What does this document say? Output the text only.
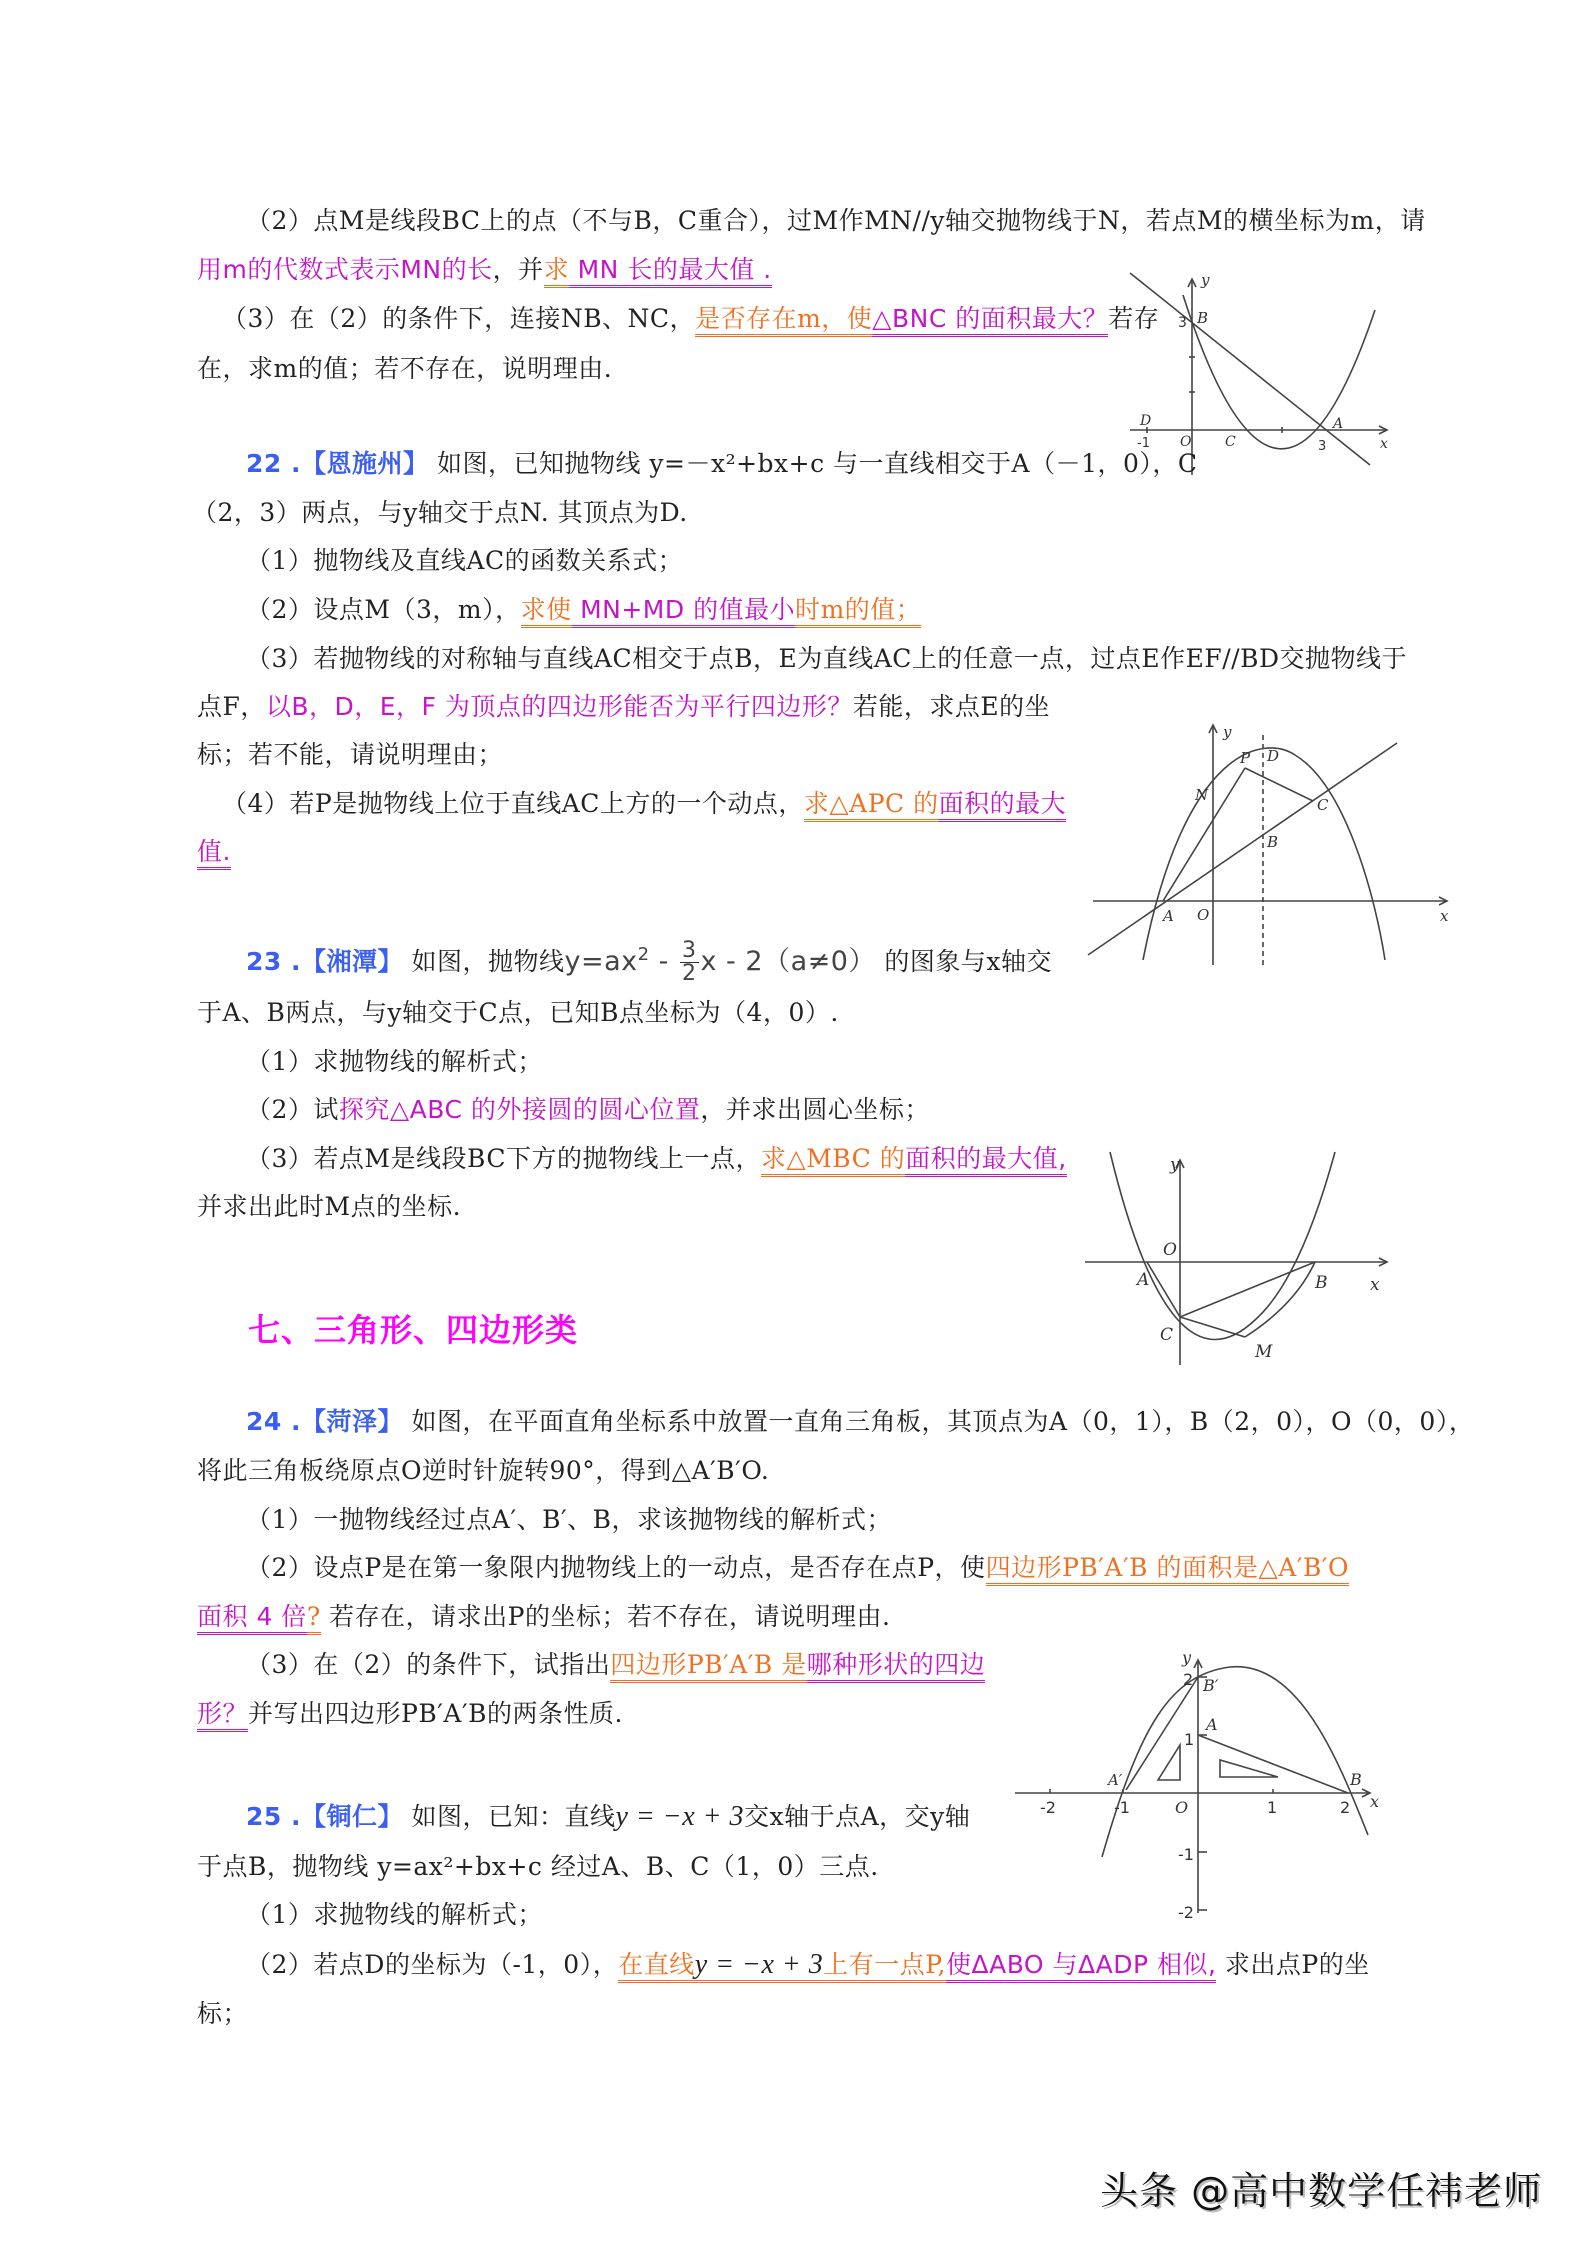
（2）点M是线段BC上的点（不与B，C重合），过M作MN//y轴交抛物线于N，若点M的横坐标为m，请
用m的代数式表示MN的长，并求 MN 长的最大值 .
（3）在（2）的条件下，连接NB、NC，是否存在m，使△BNC 的面积最大？若存
在，求m的值；若不存在，说明理由.
y
B
3
D
-1 O C
A
3	x
22 .【恩施州】 如图，已知抛物线 y=－x²+bx+c 与一直线相交于A（－1，0），C
（2，3）两点，与y轴交于点N. 其顶点为D.
（1）抛物线及直线AC的函数关系式；
（2）设点M（3，m），求使 MN+MD 的值最小时m的值；
（3）若抛物线的对称轴与直线AC相交于点B，E为直线AC上的任意一点，过点E作EF//BD交抛物线于
点F，以B，D，E，F 为顶点的四边形能否为平行四边形？若能，求点E的坐
标；若不能，请说明理由；
（4）若P是抛物线上位于直线AC上方的一个动点，求△APC 的面积的最大
值.
y
P D
N
C
B
A O	x
23 .【湘潭】 如图，抛物线$y=ax^2 - \frac{3}{2}$ x - 2（a≠0） 的图象与x轴交
于A、B两点，与y轴交于C点，已知B点坐标为（4，0）.
（1）求抛物线的解析式；
（2）试探究△ABC 的外接圆的圆心位置，并求出圆心坐标；
（3）若点M是线段BC下方的抛物线上一点，求△MBC 的面积的最大值,
并求出此时M点的坐标.
y
O
A	B	x
C
M
七、三角形、四边形类
24 .【菏泽】 如图，在平面直角坐标系中放置一直角三角板，其顶点为A（0，1），B（2，0），O（0，0），
将此三角板绕原点O逆时针旋转90°，得到△A′B′O.
（1）一抛物线经过点A′、B′、B，求该抛物线的解析式；
（2）设点P是在第一象限内抛物线上的一动点，是否存在点P，使四边形PB′A′B 的面积是△A′B′O
面积 4 倍? 若存在，请求出P的坐标；若不存在，请说明理由.
（3）在（2）的条件下，试指出四边形PB′A′B 是哪种形状的四边
形？并写出四边形PB′A′B的两条性质.
y
2 B′
A
1
A′
-2	-1	O	1	2 x
B
-1
-2
25 .【铜仁】 如图，已知：直线y = −x + 3交x轴于点A，交y轴
于点B，抛物线 y=ax²+bx+c 经过A、B、C（1，0）三点.
（1）求抛物线的解析式；
（2）若点D的坐标为（-1，0），在直线y = −x + 3上有一点P,使ΔABO 与ΔADP 相似, 求出点P的坐
标；
头条 @高中数学任祎老师
